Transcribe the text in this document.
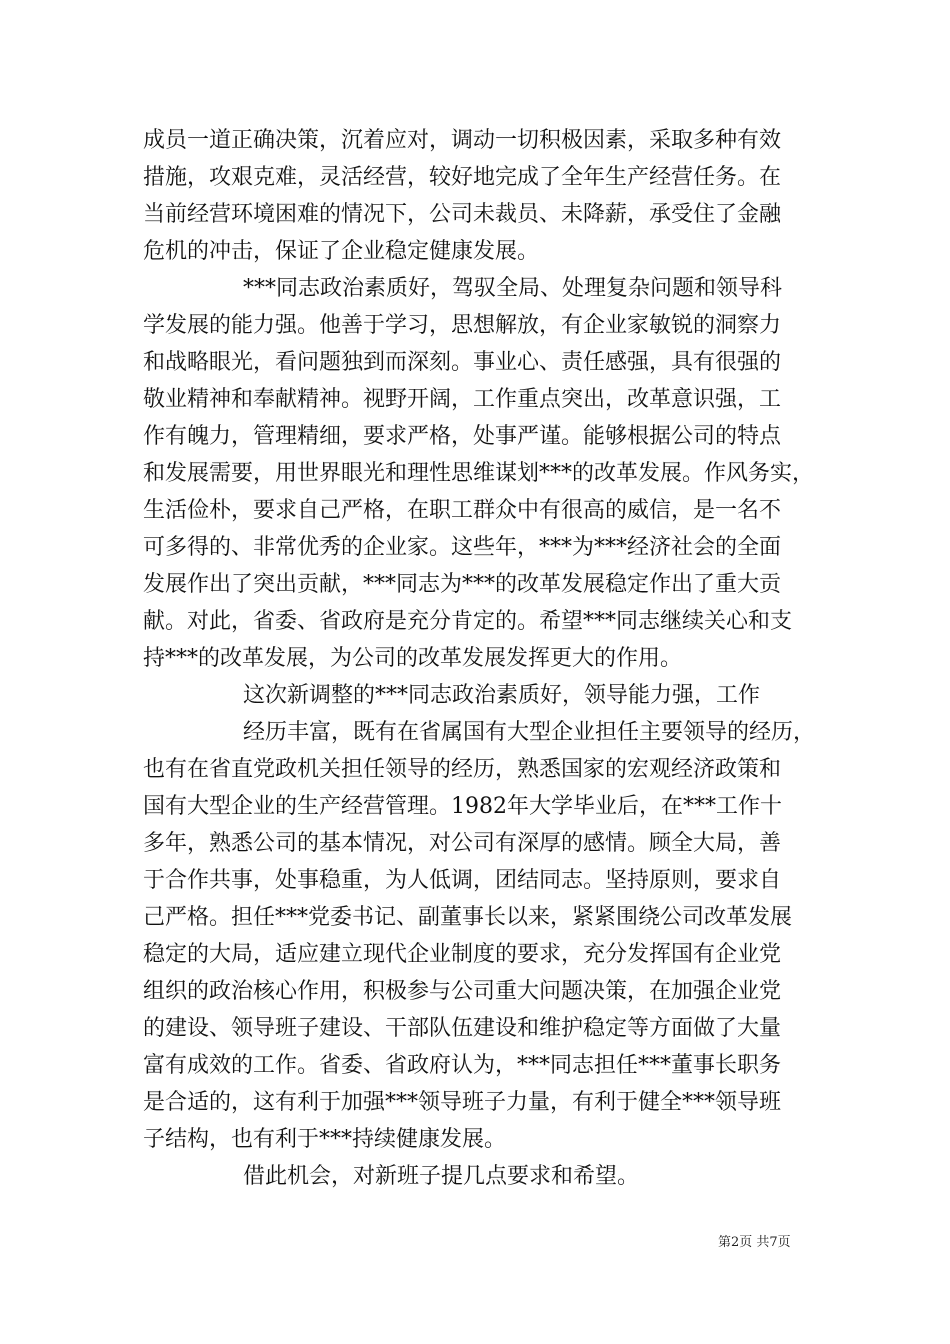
成员一道正确决策，沉着应对，调动一切积极因素，采取多种有效
措施，攻艰克难，灵活经营，较好地完成了全年生产经营任务。在
当前经营环境困难的情况下，公司未裁员、未降薪，承受住了金融
危机的冲击，保证了企业稳定健康发展。
***同志政治素质好，驾驭全局、处理复杂问题和领导科
学发展的能力强。他善于学习，思想解放，有企业家敏锐的洞察力
和战略眼光，看问题独到而深刻。事业心、责任感强，具有很强的
敬业精神和奉献精神。视野开阔，工作重点突出，改革意识强，工
作有魄力，管理精细，要求严格，处事严谨。能够根据公司的特点
和发展需要，用世界眼光和理性思维谋划***的改革发展。作风务实，
生活俭朴，要求自己严格，在职工群众中有很高的威信，是一名不
可多得的、非常优秀的企业家。这些年，***为***经济社会的全面
发展作出了突出贡献，***同志为***的改革发展稳定作出了重大贡
献。对此，省委、省政府是充分肯定的。希望***同志继续关心和支
持***的改革发展，为公司的改革发展发挥更大的作用。
这次新调整的***同志政治素质好，领导能力强，工作
经历丰富，既有在省属国有大型企业担任主要领导的经历，
也有在省直党政机关担任领导的经历，熟悉国家的宏观经济政策和
国有大型企业的生产经营管理。1982年大学毕业后，在***工作十
多年，熟悉公司的基本情况，对公司有深厚的感情。顾全大局，善
于合作共事，处事稳重，为人低调，团结同志。坚持原则，要求自
己严格。担任***党委书记、副董事长以来，紧紧围绕公司改革发展
稳定的大局，适应建立现代企业制度的要求，充分发挥国有企业党
组织的政治核心作用，积极参与公司重大问题决策，在加强企业党
的建设、领导班子建设、干部队伍建设和维护稳定等方面做了大量
富有成效的工作。省委、省政府认为，***同志担任***董事长职务
是合适的，这有利于加强***领导班子力量，有利于健全***领导班
子结构，也有利于***持续健康发展。
借此机会，对新班子提几点要求和希望。
第2页 共7页
